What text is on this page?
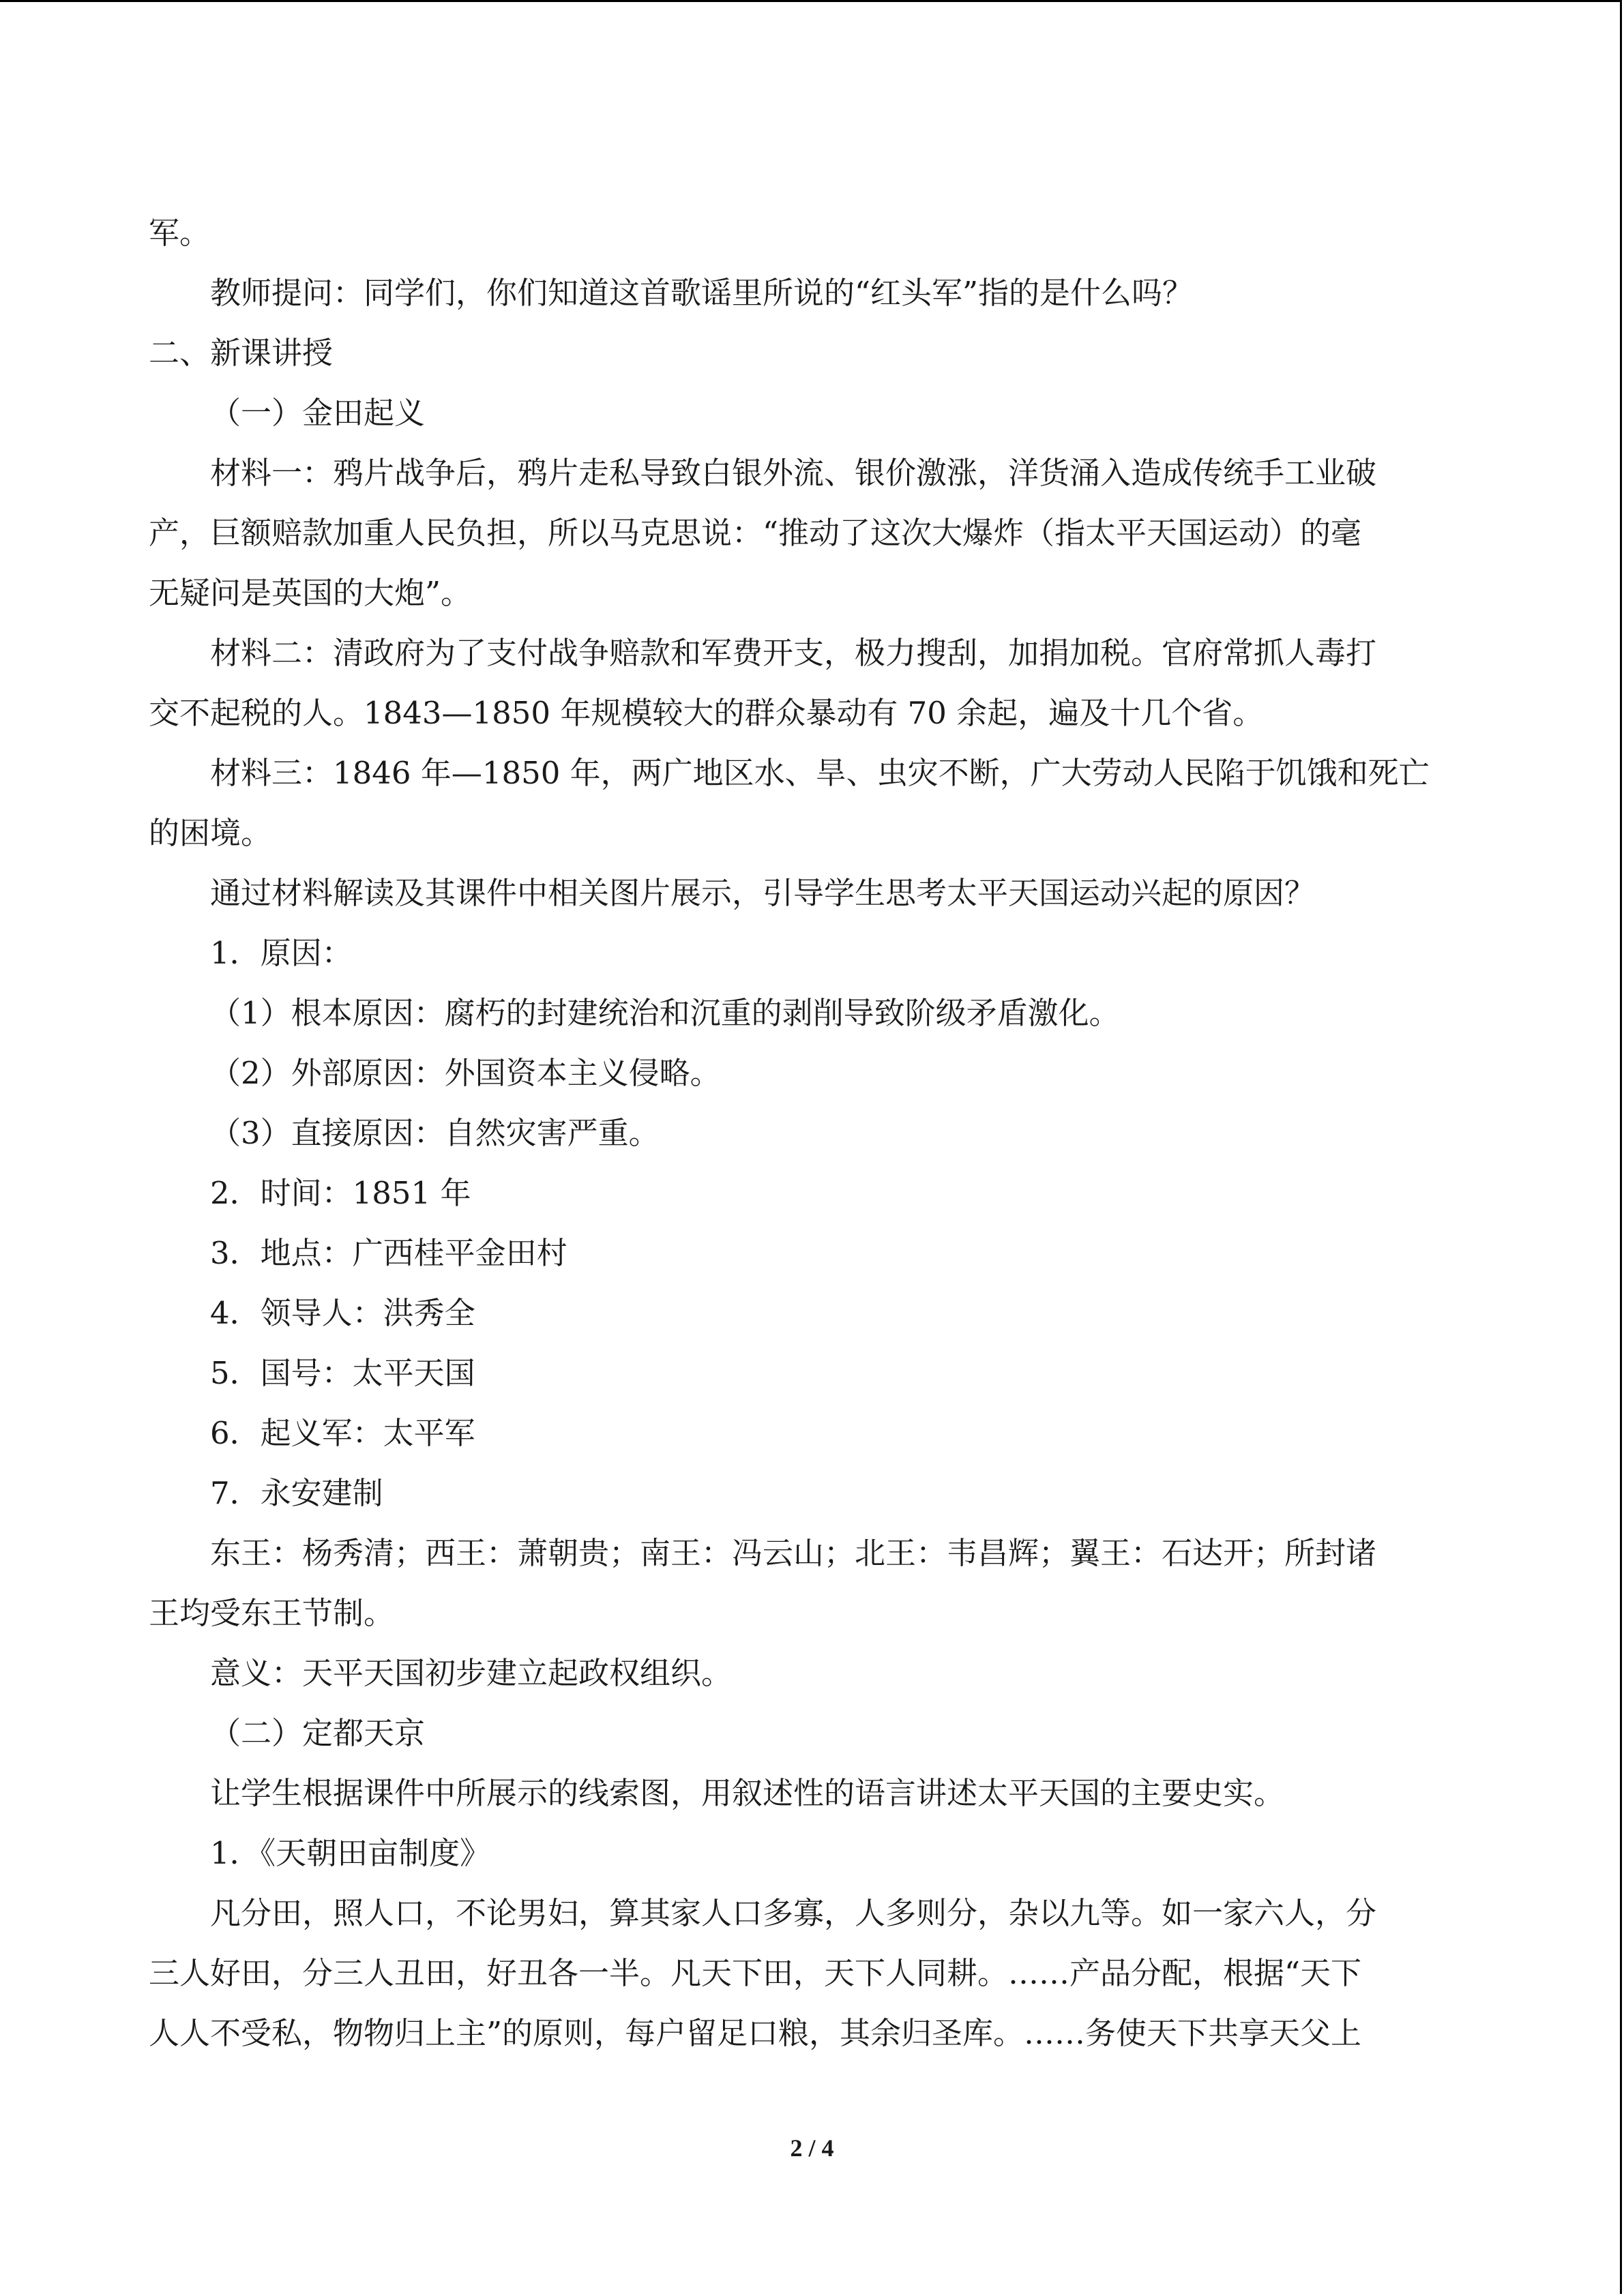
军。
教师提问：同学们，你们知道这首歌谣里所说的“红头军”指的是什么吗？
二、新课讲授
（一）金田起义
材料一：鸦片战争后，鸦片走私导致白银外流、银价激涨，洋货涌入造成传统手工业破
产，巨额赔款加重人民负担，所以马克思说：“推动了这次大爆炸（指太平天国运动）的毫
无疑问是英国的大炮”。
材料二：清政府为了支付战争赔款和军费开支，极力搜刮，加捐加税。官府常抓人毒打
交不起税的人。1843—1850 年规模较大的群众暴动有 70 余起，遍及十几个省。
材料三：1846 年—1850 年，两广地区水、旱、虫灾不断，广大劳动人民陷于饥饿和死亡
的困境。
通过材料解读及其课件中相关图片展示，引导学生思考太平天国运动兴起的原因？
1．原因：
（1）根本原因：腐朽的封建统治和沉重的剥削导致阶级矛盾激化。
（2）外部原因：外国资本主义侵略。
（3）直接原因：自然灾害严重。
2．时间：1851 年
3．地点：广西桂平金田村
4．领导人：洪秀全
5．国号：太平天国
6．起义军：太平军
7．永安建制
东王：杨秀清；西王：萧朝贵；南王：冯云山；北王：韦昌辉；翼王：石达开；所封诸
王均受东王节制。
意义：天平天国初步建立起政权组织。
（二）定都天京
让学生根据课件中所展示的线索图，用叙述性的语言讲述太平天国的主要史实。
1．《天朝田亩制度》
凡分田，照人口，不论男妇，算其家人口多寡，人多则分，杂以九等。如一家六人，分
三人好田，分三人丑田，好丑各一半。凡天下田，天下人同耕。……产品分配，根据“天下
人人不受私，物物归上主”的原则，每户留足口粮，其余归圣库。……务使天下共享天父上
2 / 4
